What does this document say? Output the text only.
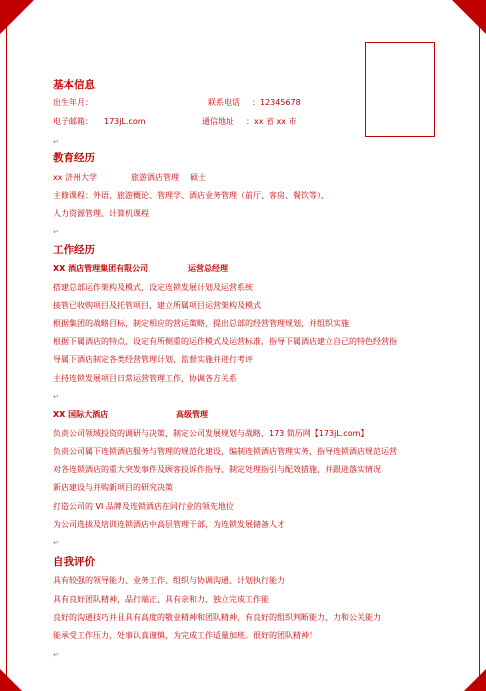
基本信息
出生年月：	联系电话 ：12345678
电子邮箱： 173jL.com	通信地址 ：xx 省 xx 市
教育经历
xx 济州大学	旅游酒店管理 硕士
主修课程：外语、旅游概论、管理学、酒店业务管理（前厅、客房、餐饮等）、
人力资源管理、计算机课程
工作经历
XX 酒店管理集团有限公司	运营总经理
搭建总部运作架构及模式，设定连锁发展计划及运营系统
接管已收购项目及托管项目，建立所属项目运营架构及模式
根据集团的战略目标，制定相应的营运策略，提出总部的经营管理规划，并组织实施
根据下属酒店的特点，设定有所侧重的运作模式及运营标准，指导下属酒店建立自己的特色经营指
导属下酒店制定各类经营管理计划，监督实施并进行考评
主持连锁发展项目日常运营管理工作，协调各方关系
XX 国际大酒店	高级管理
负责公司领域投资的调研与决策，制定公司发展规划与战略，173 简历网【173jL.com】
负责公司属下连锁酒店服务与管理的规范化建设，编制连锁酒店管理实务，指导连锁酒店规范运营
对各连锁酒店的重大突发事件及顾客投诉作指导，制定处理指引与配效措施，并跟进落实情况
新店建设与并购新项目的研究决策
打造公司的 VI 品牌及连锁酒店在同行业的领先地位
为公司选拔及培训连锁酒店中高层管理干部，为连锁发展储备人才
自我评价
具有较强的领导能力、业务工作、组织与协调沟通、计划执行能力
具有良好团队精神，品行端正、具有亲和力、独立完成工作能
良好的沟通技巧并且具有高度的敬业精神和团队精神，有良好的组织判断能力，力和公关能力
能承受工作压力，处事认真谨慎，为完成工作适量加班。很好的团队精神！
↵
↵
↵
↵
↵
